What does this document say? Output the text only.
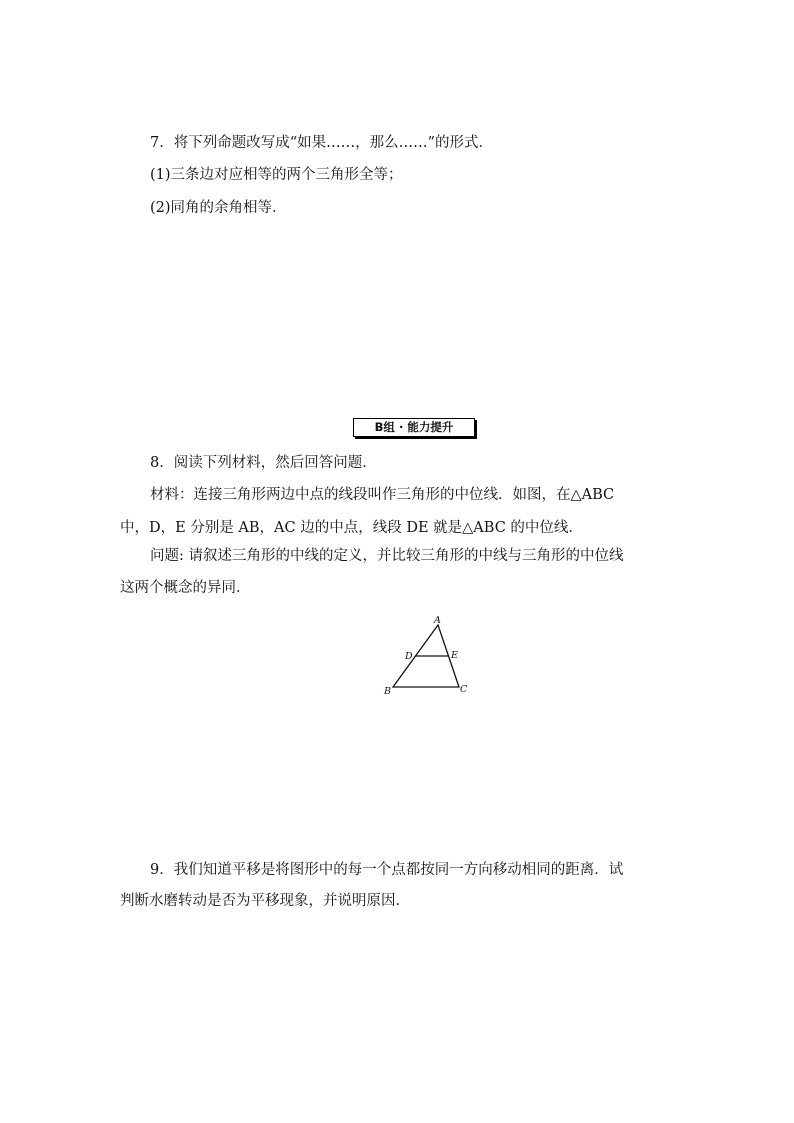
7．将下列命题改写成“如果……，那么……”的形式．
(1)三条边对应相等的两个三角形全等；
(2)同角的余角相等．
B组 · 能力提升
8．阅读下列材料，然后回答问题．
材料：连接三角形两边中点的线段叫作三角形的中位线．如图，在△ABC
中，D，E 分别是 AB，AC 边的中点，线段 DE 就是△ABC 的中位线．
问题: 请叙述三角形的中线的定义，并比较三角形的中线与三角形的中位线
这两个概念的异同．
A
D	E
B	C
9．我们知道平移是将图形中的每一个点都按同一方向移动相同的距离．试
判断水磨转动是否为平移现象，并说明原因．
